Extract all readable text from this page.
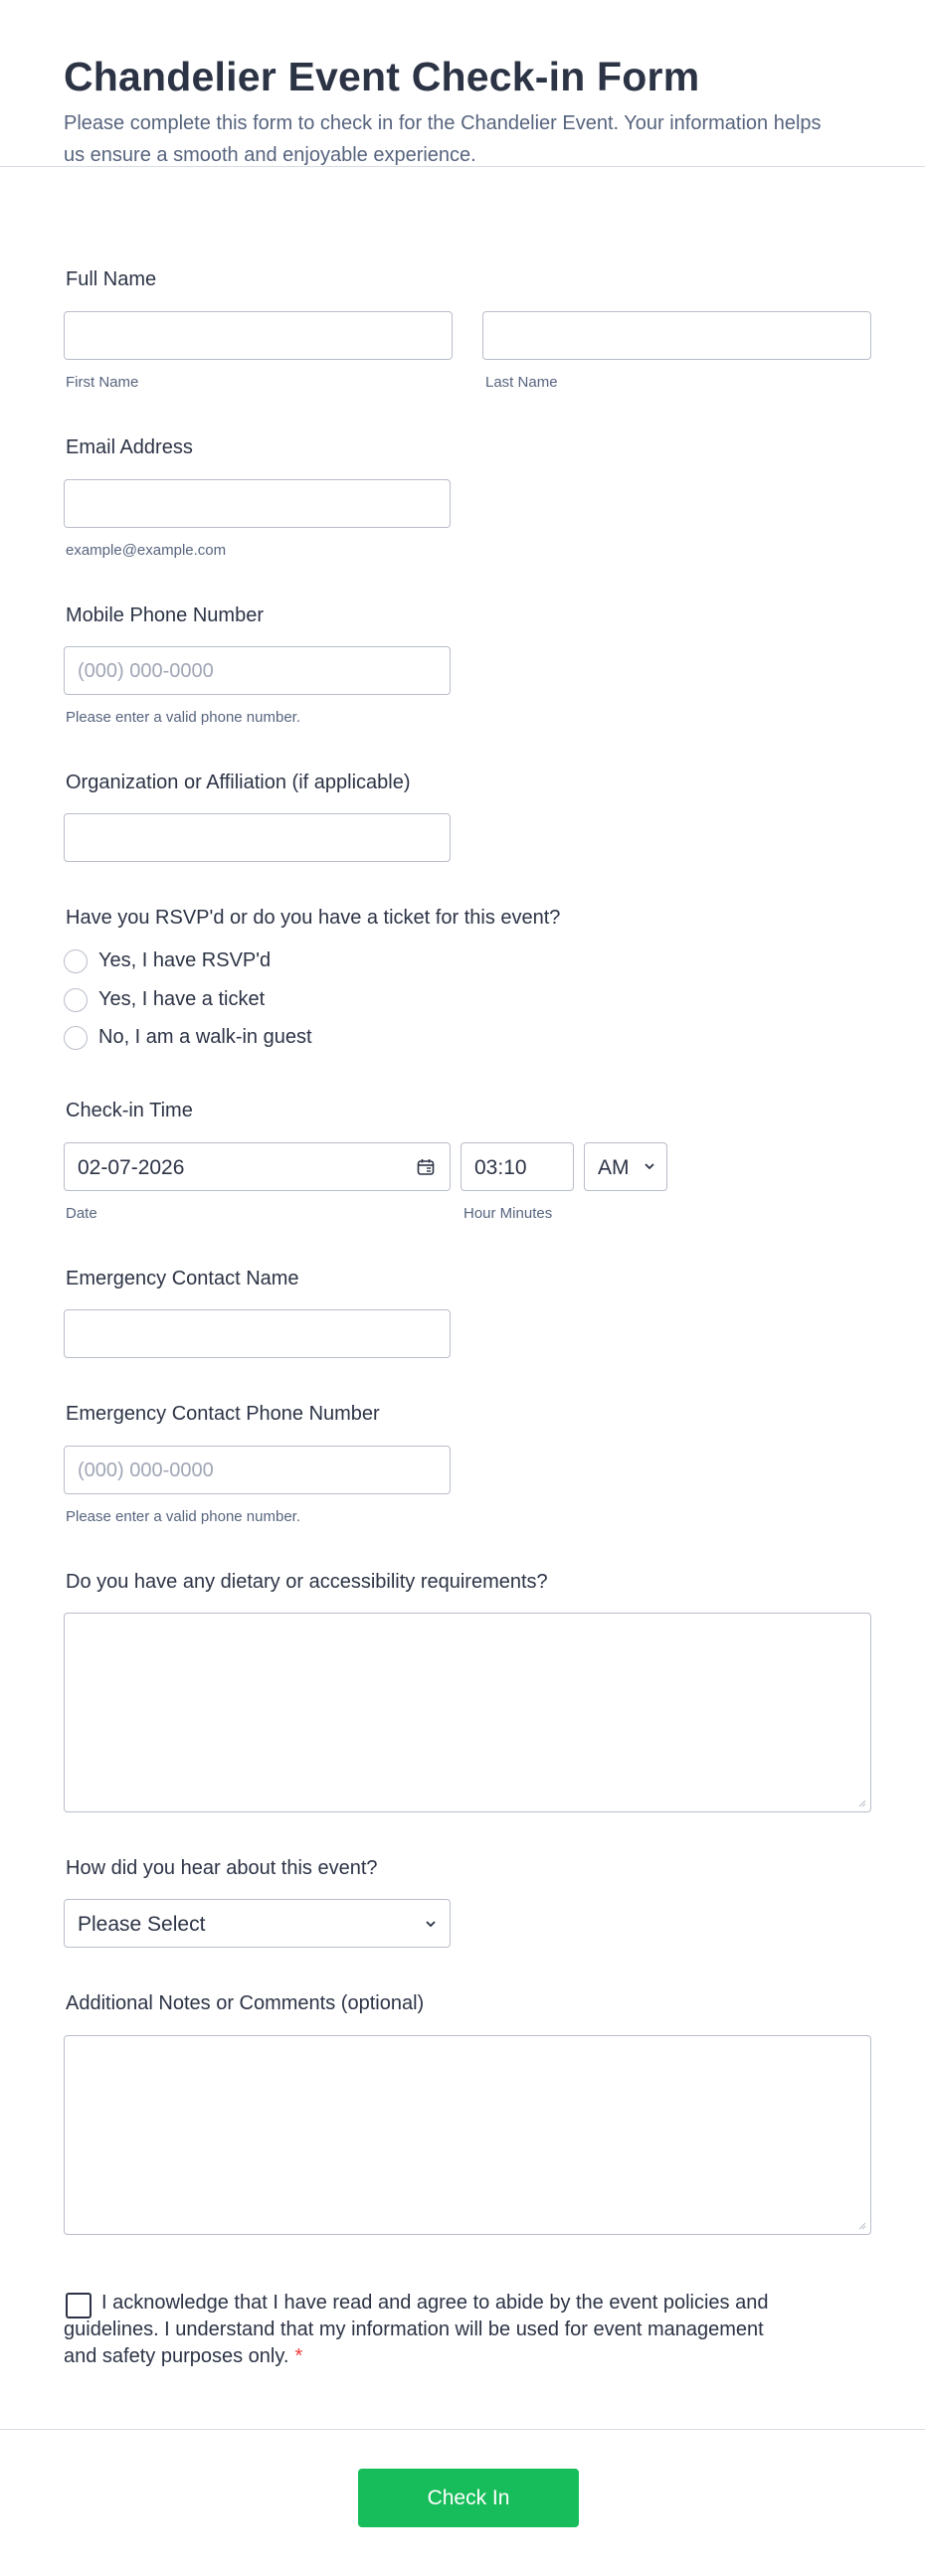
Chandelier Event Check-in Form
Please complete this form to check in for the Chandelier Event. Your information helps us ensure a smooth and enjoyable experience.
Full Name
First Name	Last Name
Email Address
example@example.com
Mobile Phone Number
(000) 000-0000
Please enter a valid phone number.
Organization or Affiliation (if applicable)
Have you RSVP'd or do you have a ticket for this event?
Yes, I have RSVP'd
Yes, I have a ticket
No, I am a walk-in guest
Check-in Time
02-07-2026	03:10	AM
Date	Hour Minutes
Emergency Contact Name
Emergency Contact Phone Number
(000) 000-0000
Please enter a valid phone number.
Do you have any dietary or accessibility requirements?
How did you hear about this event?
Please Select
Additional Notes or Comments (optional)
I acknowledge that I have read and agree to abide by the event policies and guidelines. I understand that my information will be used for event management and safety purposes only. *
Check In
